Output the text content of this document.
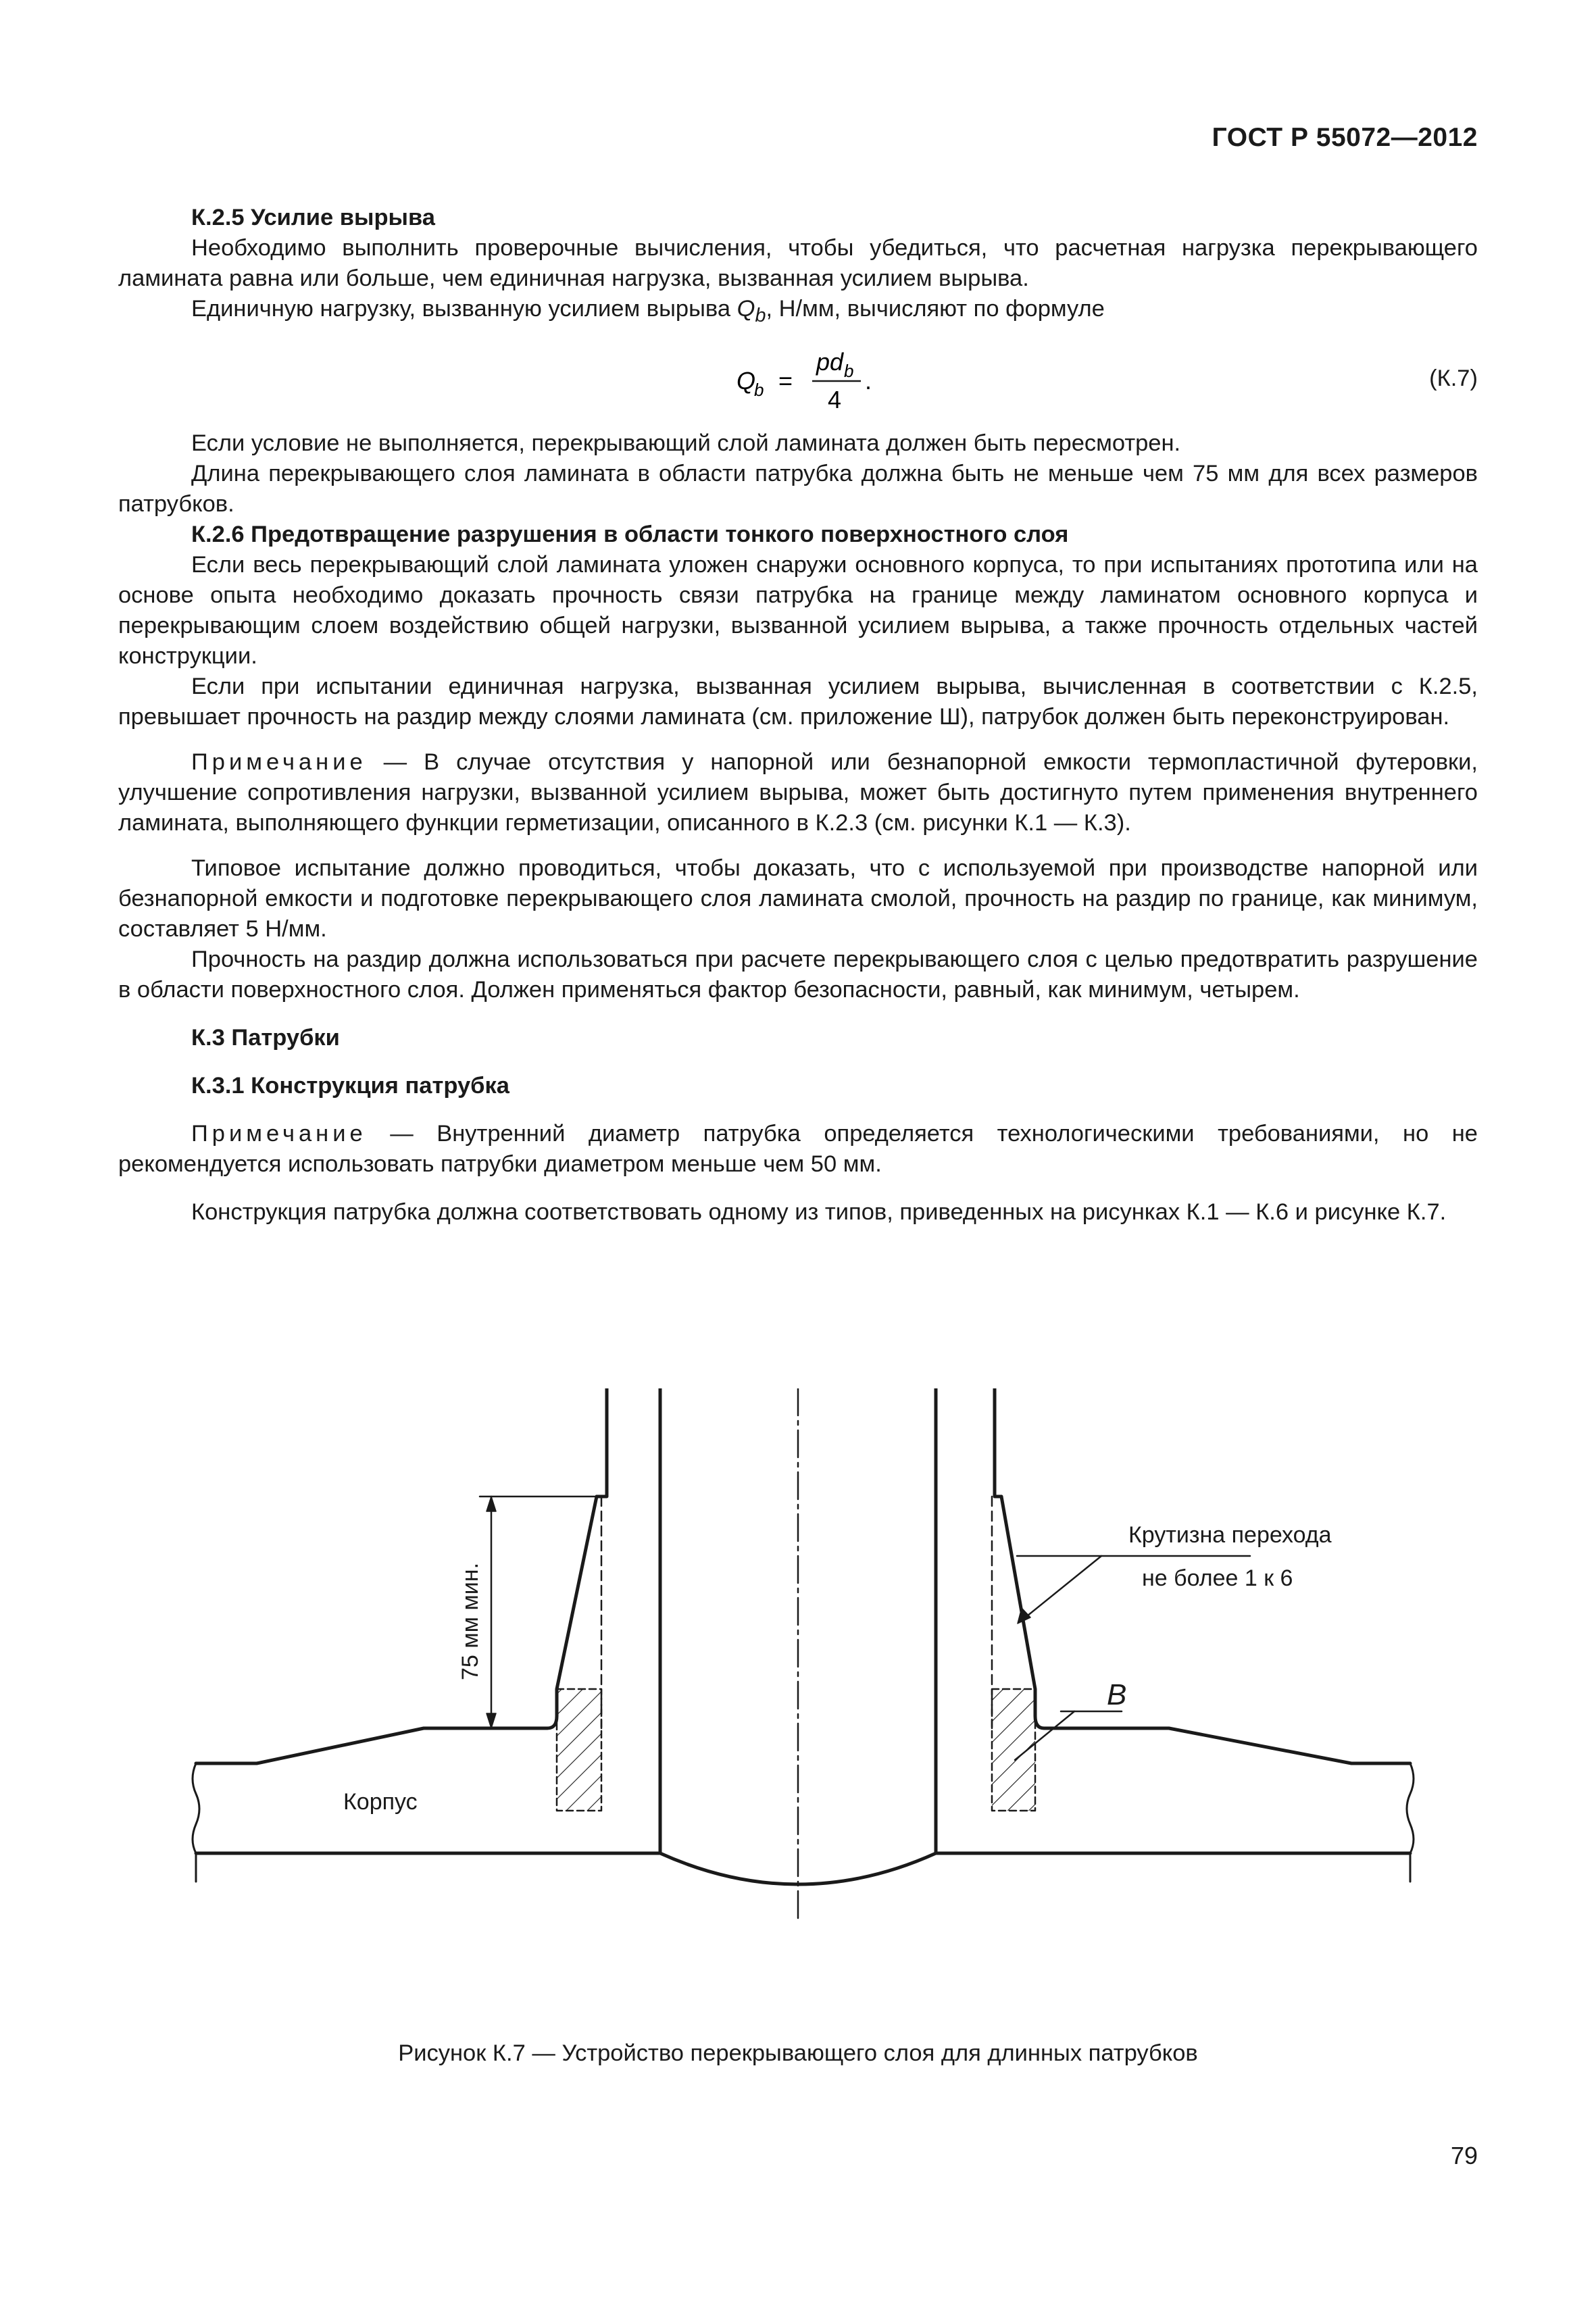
ГОСТ Р 55072—2012

К.2.5 Усилие вырыва

Необходимо выполнить проверочные вычисления, чтобы убедиться, что расчетная нагрузка перекрывающего ламината равна или больше, чем единичная нагрузка, вызванная усилием вырыва.

Единичную нагрузку, вызванную усилием вырыва $Q_b$, Н/мм, вычисляют по формуле

Q
b =
pd b
4
.	(К.7)

Если условие не выполняется, перекрывающий слой ламината должен быть пересмотрен.

Длина перекрывающего слоя ламината в области патрубка должна быть не меньше чем 75 мм для всех размеров патрубков.

К.2.6 Предотвращение разрушения в области тонкого поверхностного слоя

Если весь перекрывающий слой ламината уложен снаружи основного корпуса, то при испытаниях прототипа или на основе опыта необходимо доказать прочность связи патрубка на границе между ламинатом основного корпуса и перекрывающим слоем воздействию общей нагрузки, вызванной усилием вырыва, а также прочность отдельных частей конструкции.

Если при испытании единичная нагрузка, вызванная усилием вырыва, вычисленная в соответствии с К.2.5, превышает прочность на раздир между слоями ламината (см. приложение Ш), патрубок должен быть переконструирован.

Примечание — В случае отсутствия у напорной или безнапорной емкости термопластичной футеровки, улучшение сопротивления нагрузки, вызванной усилием вырыва, может быть достигнуто путем применения внутреннего ламината, выполняющего функции герметизации, описанного в К.2.3 (см. рисунки К.1 — К.3).

Типовое испытание должно проводиться, чтобы доказать, что с используемой при производстве напорной или безнапорной емкости и подготовке перекрывающего слоя ламината смолой, прочность на раздир по границе, как минимум, составляет 5 Н/мм.

Прочность на раздир должна использоваться при расчете перекрывающего слоя с целью предотвратить разрушение в области поверхностного слоя. Должен применяться фактор безопасности, равный, как минимум, четырем.

К.3 Патрубки

К.3.1 Конструкция патрубка

Примечание — Внутренний диаметр патрубка определяется технологическими требованиями, но не рекомендуется использовать патрубки диаметром меньше чем 50 мм.

Конструкция патрубка должна соответствовать одному из типов, приведенных на рисунках К.1 — К.6 и рисунке К.7.

75 мм мин.
Крутизна перехода
не более 1 к 6
В
Корпус
Рисунок К.7 — Устройство перекрывающего слоя для длинных патрубков
79
